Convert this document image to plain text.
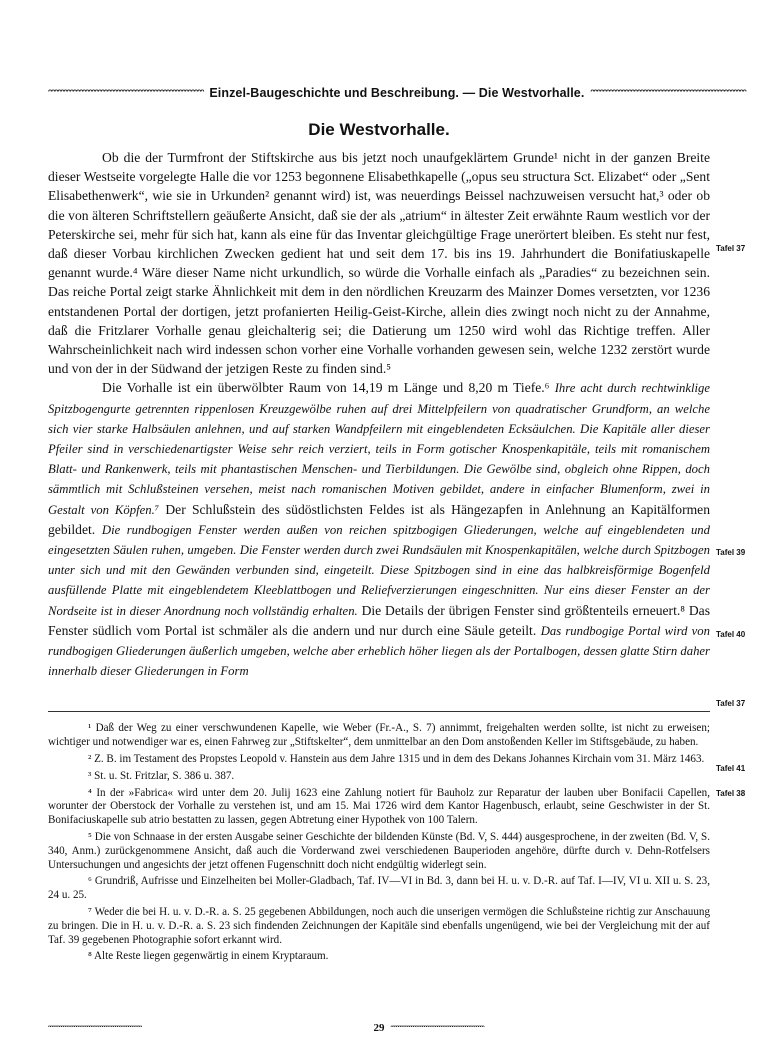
ᵔᵔᵔᵔᵔᵔᵔᵔᵔᵔᵔᵔᵔᵔᵔᵔᵔᵔᵔᵔᵔᵔᵔᵔᵔᵔᵔᵔᵔᵔᵔᵔᵔᵔᵔᵔᵔᵔᵔᵔᵔᵔᵔᵔᵔᵔᵔᵔᵔᵔ Einzel-Baugeschichte und Beschreibung. — Die Westvorhalle. ᵔᵔᵔᵔᵔᵔᵔᵔᵔᵔᵔᵔᵔᵔᵔᵔᵔᵔᵔᵔᵔᵔᵔᵔᵔᵔᵔᵔᵔᵔᵔᵔᵔᵔᵔᵔᵔᵔᵔᵔᵔᵔᵔᵔᵔᵔᵔᵔᵔᵔ
Die Westvorhalle.

Ob die der Turmfront der Stiftskirche aus bis jetzt noch unaufgeklärtem Grunde¹ nicht in der ganzen Breite dieser Westseite vorgelegte Halle die vor 1253 begonnene Elisabethkapelle („opus seu structura Sct. Elizabet“ oder „Sent Elisabethenwerk“, wie sie in Urkunden² genannt wird) ist, was neuerdings Beissel nachzuweisen versucht hat,³ oder ob die von älteren Schriftstellern geäußerte Ansicht, daß sie der als „atrium“ in ältester Zeit erwähnte Raum westlich vor der Peterskirche sei, mehr für sich hat, kann als eine für das Inventar gleichgültige Frage unerörtert bleiben. Es steht nur fest, daß dieser Vorbau kirchlichen Zwecken gedient hat und seit dem 17. bis ins 19. Jahrhundert die Bonifatiuskapelle genannt wurde.⁴ Wäre dieser Name nicht urkundlich, so würde die Vorhalle einfach als „Paradies“ zu bezeichnen sein. Das reiche Portal zeigt starke Ähnlichkeit mit dem in den nördlichen Kreuzarm des Mainzer Domes versetzten, vor 1236 entstandenen Portal der dortigen, jetzt profanierten Heilig-Geist-Kirche, allein dies zwingt noch nicht zu der Annahme, daß die Fritzlarer Vorhalle genau gleichalterig sei; die Datierung um 1250 wird wohl das Richtige treffen. Aller Wahrscheinlichkeit nach wird indessen schon vorher eine Vorhalle vorhanden gewesen sein, welche 1232 zerstört wurde und von der in der Südwand der jetzigen Reste zu finden sind.⁵

Die Vorhalle ist ein überwölbter Raum von 14,19 m Länge und 8,20 m Tiefe.⁶ Ihre acht durch rechtwinklige Spitzbogengurte getrennten rippenlosen Kreuzgewölbe ruhen auf drei Mittelpfeilern von quadratischer Grundform, an welche sich vier starke Halbsäulen anlehnen, und auf starken Wandpfeilern mit eingeblendeten Ecksäulchen. Die Kapitäle aller dieser Pfeiler sind in verschiedenartigster Weise sehr reich verziert, teils in Form gotischer Knospenkapitäle, teils mit romanischem Blatt- und Rankenwerk, teils mit phantastischen Menschen- und Tierbildungen. Die Gewölbe sind, obgleich ohne Rippen, doch sämmtlich mit Schlußsteinen versehen, meist nach romanischen Motiven gebildet, andere in einfacher Blumenform, zwei in Gestalt von Köpfen.⁷ Der Schlußstein des südöstlichsten Feldes ist als Hängezapfen in Anlehnung an Kapitälformen gebildet. Die rundbogigen Fenster werden außen von reichen spitzbogigen Gliederungen, welche auf eingeblendeten und eingesetzten Säulen ruhen, umgeben. Die Fenster werden durch zwei Rundsäulen mit Knospenkapitälen, welche durch Spitzbogen unter sich und mit den Gewänden verbunden sind, eingeteilt. Diese Spitzbogen sind in eine das halbkreisförmige Bogenfeld ausfüllende Platte mit eingeblendetem Kleeblattbogen und Reliefverzierungen eingeschnitten. Nur eins dieser Fenster an der Nordseite ist in dieser Anordnung noch vollständig erhalten. Die Details der übrigen Fenster sind größtenteils erneuert.⁸ Das Fenster südlich vom Portal ist schmäler als die andern und nur durch eine Säule geteilt. Das rundbogige Portal wird von rundbogigen Gliederungen äußerlich umgeben, welche aber erheblich höher liegen als der Portalbogen, dessen glatte Stirn daher innerhalb dieser Gliederungen in Form

Tafel 37
Tafel 39
Tafel 40
Tafel 37
Tafel 41
Tafel 38

¹ Daß der Weg zu einer verschwundenen Kapelle, wie Weber (Fr.-A., S. 7) annimmt, freigehalten werden sollte, ist nicht zu erweisen; wichtiger und notwendiger war es, einen Fahrweg zur „Stiftskelter“, dem unmittelbar an den Dom anstoßenden Keller im Stiftsgebäude, zu haben.

² Z. B. im Testament des Propstes Leopold v. Hanstein aus dem Jahre 1315 und in dem des Dekans Johannes Kirchain vom 31. März 1463.

³ St. u. St. Fritzlar, S. 386 u. 387.

⁴ In der »Fabrica« wird unter dem 20. Julij 1623 eine Zahlung notiert für Bauholz zur Reparatur der lauben uber Bonifacii Capellen, worunter der Oberstock der Vorhalle zu verstehen ist, und am 15. Mai 1726 wird dem Kantor Hagenbusch, erlaubt, seine Geschwister in der St. Bonifaciuskapelle sub atrio bestatten zu lassen, gegen Abtretung einer Hypothek von 100 Talern.

⁵ Die von Schnaase in der ersten Ausgabe seiner Geschichte der bildenden Künste (Bd. V, S. 444) ausgesprochene, in der zweiten (Bd. V, S. 340, Anm.) zurückgenommene Ansicht, daß auch die Vorderwand zwei verschiedenen Bauperioden angehöre, dürfte durch v. Dehn-Rotfelsers Untersuchungen und angesichts der jetzt offenen Fugenschnitt doch nicht endgültig widerlegt sein.

⁶ Grundriß, Aufrisse und Einzelheiten bei Moller-Gladbach, Taf. IV—VI in Bd. 3, dann bei H. u. v. D.-R. auf Taf. I—IV, VI u. XII u. S. 23, 24 u. 25.

⁷ Weder die bei H. u. v. D.-R. a. S. 25 gegebenen Abbildungen, noch auch die unserigen vermögen die Schlußsteine richtig zur Anschauung zu bringen. Die in H. u. v. D.-R. a. S. 23 sich findenden Zeichnungen der Kapitäle sind ebenfalls ungenügend, wie bei der Vergleichung mit der auf Taf. 39 gegebenen Photographie sofort erkannt wird.

⁸ Alte Reste liegen gegenwärtig in einem Kryptaraum.

ᵔᵔᵔᵔᵔᵔᵔᵔᵔᵔᵔᵔᵔᵔᵔᵔᵔᵔᵔᵔᵔᵔᵔᵔᵔᵔᵔᵔᵔᵔᵔᵔᵔᵔᵔᵔᵔᵔᵔᵔᵔᵔᵔᵔᵔᵔᵔᵔᵔᵔ	29 ᵔᵔᵔᵔᵔᵔᵔᵔᵔᵔᵔᵔᵔᵔᵔᵔᵔᵔᵔᵔᵔᵔᵔᵔᵔᵔᵔᵔᵔᵔᵔᵔᵔᵔᵔᵔᵔᵔᵔᵔᵔᵔᵔᵔᵔᵔᵔᵔᵔᵔ
